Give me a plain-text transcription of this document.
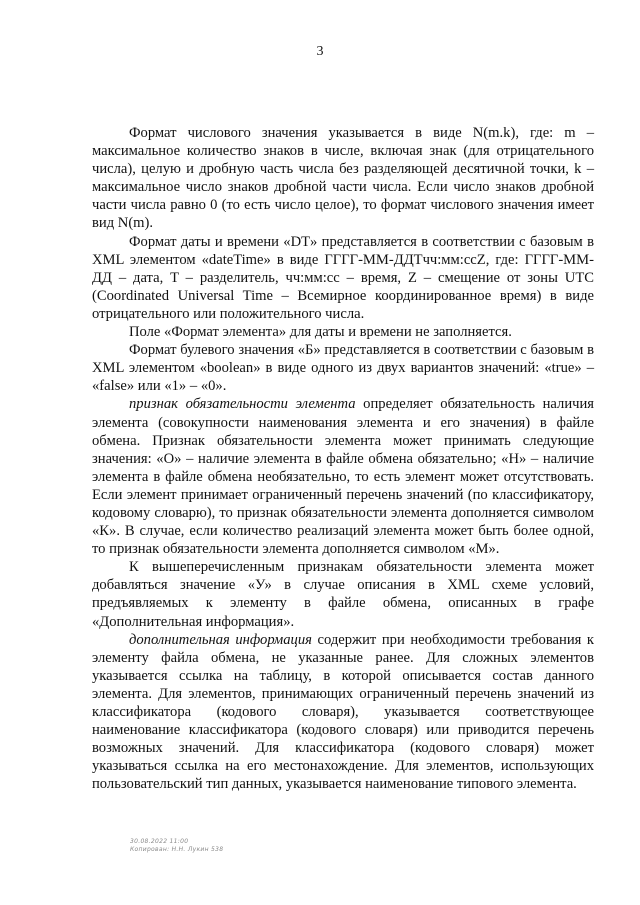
3

Формат числового значения указывается в виде N(m.k), где: m – максимальное количество знаков в числе, включая знак (для отрицательного числа), целую и дробную часть числа без разделяющей десятичной точки, k – максимальное число знаков дробной части числа. Если число знаков дробной части числа равно 0 (то есть число целое), то формат числового значения имеет вид N(m).

Формат даты и времени «DT» представляется в соответствии с базовым в XML элементом «dateTime» в виде ГГГГ-ММ-ДДTчч:мм:ccZ, где: ГГГГ-ММ-ДД – дата, T – разделитель, чч:мм:сс – время, Z – смещение от зоны UTC (Coordinated Universal Time – Всемирное координированное время) в виде отрицательного или положительного числа.

Поле «Формат элемента» для даты и времени не заполняется.

Формат булевого значения «Б» представляется в соответствии с базовым в XML элементом «boolean» в виде одного из двух вариантов значений: «true» – «false» или «1» – «0».

признак обязательности элемента определяет обязательность наличия элемента (совокупности наименования элемента и его значения) в файле обмена. Признак обязательности элемента может принимать следующие значения: «О» – наличие элемента в файле обмена обязательно; «Н» – наличие элемента в файле обмена необязательно, то есть элемент может отсутствовать. Если элемент принимает ограниченный перечень значений (по классификатору, кодовому словарю), то признак обязательности элемента дополняется символом «К». В случае, если количество реализаций элемента может быть более одной, то признак обязательности элемента дополняется символом «М».

К вышеперечисленным признакам обязательности элемента может добавляться значение «У» в случае описания в XML схеме условий, предъявляемых к элементу в файле обмена, описанных в графе «Дополнительная информация».

дополнительная информация содержит при необходимости требования к элементу файла обмена, не указанные ранее. Для сложных элементов указывается ссылка на таблицу, в которой описывается состав данного элемента. Для элементов, принимающих ограниченный перечень значений из классификатора (кодового словаря), указывается соответствующее наименование классификатора (кодового словаря) или приводится перечень возможных значений. Для классификатора (кодового словаря) может указываться ссылка на его местонахождение. Для элементов, использующих пользовательский тип данных, указывается наименование типового элемента.

30.08.2022 11:00
Копирован: Н.Н. Лукин 538
